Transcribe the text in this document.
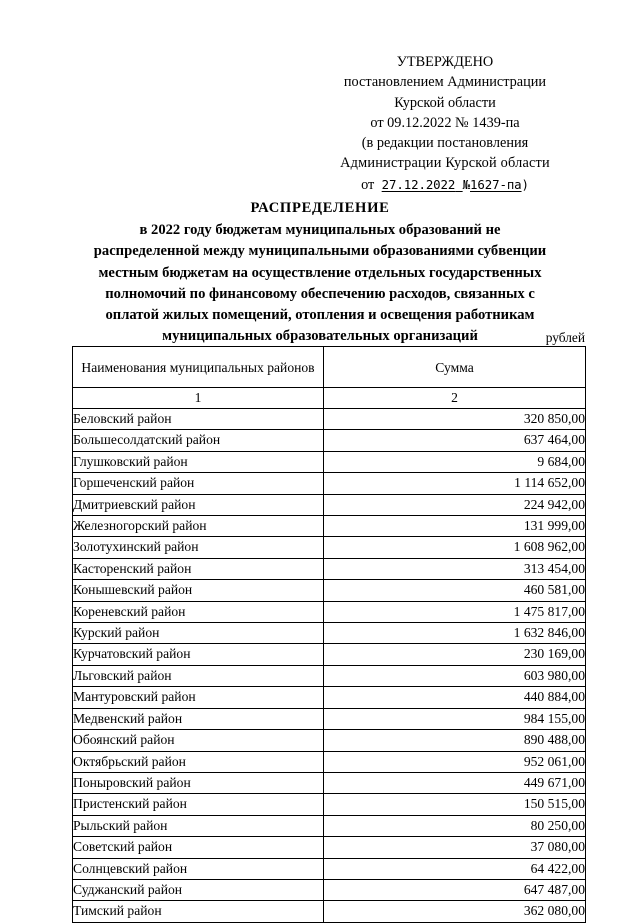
УТВЕРЖДЕНО
постановлением Администрации
Курской области
от 09.12.2022 № 1439-па
(в редакции постановления
Администрации Курской области
от 27.12.2022 №1627-па)
РАСПРЕДЕЛЕНИЕ
в 2022 году бюджетам муниципальных образований не
распределенной между муниципальными образованиями субвенции
местным бюджетам на осуществление отдельных государственных
полномочий по финансовому обеспечению расходов, связанных с
оплатой жилых помещений, отопления и освещения работникам
муниципальных образовательных организаций	рублей
Наименования муниципальных районов	Сумма
1	2
Беловский район	320 850,00
Большесолдатский район	637 464,00
Глушковский район	9 684,00
Горшеченский район	1 114 652,00
Дмитриевский район	224 942,00
Железногорский район	131 999,00
Золотухинский район	1 608 962,00
Касторенский район	313 454,00
Конышевский район	460 581,00
Кореневский район	1 475 817,00
Курский район	1 632 846,00
Курчатовский район	230 169,00
Льговский район	603 980,00
Мантуровский район	440 884,00
Медвенский район	984 155,00
Обоянский район	890 488,00
Октябрьский район	952 061,00
Поныровский район	449 671,00
Пристенский район	150 515,00
Рыльский район	80 250,00
Советский район	37 080,00
Солнцевский район	64 422,00
Суджанский район	647 487,00
Тимский район	362 080,00
